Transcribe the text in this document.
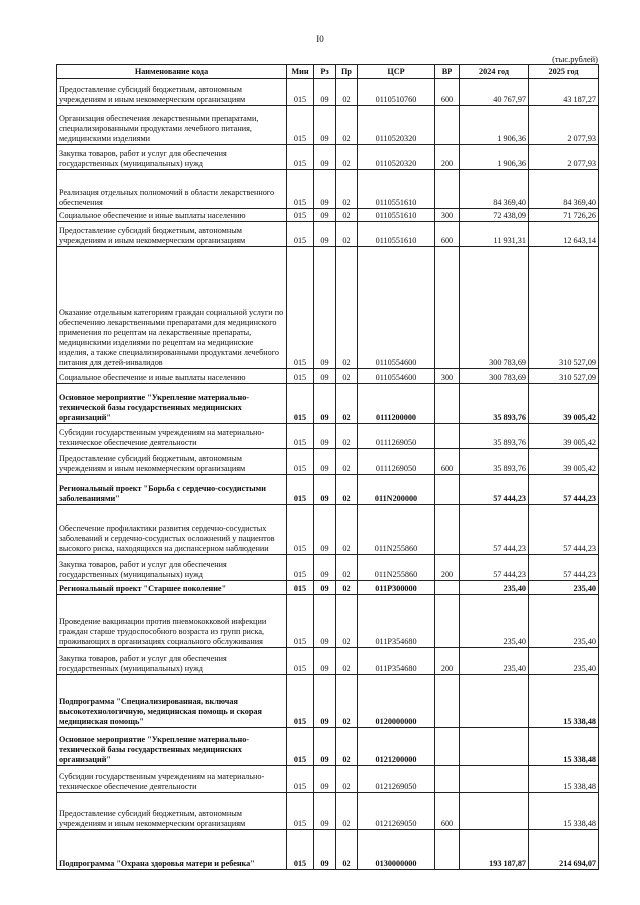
I0
(тыс.рублей)
Наименование кода	Мин	Рз	Пр	ЦСР	ВР	2024 год	2025 год
Предоставление субсидий бюджетным, автономным учреждениям и иным некоммерческим организациям	015	09	02	0110510760	600	40 767,97	43 187,27
Организация обеспечения лекарственными препаратами, специализированными продуктами лечебного питания, медицинскими изделиями	015	09	02	0110520320		1 906,36	2 077,93
Закупка товаров, работ и услуг для обеспечения государственных (муниципальных) нужд	015	09	02	0110520320	200	1 906,36	2 077,93
Реализация отдельных полномочий в области лекарственного обеспечения	015	09	02	0110551610		84 369,40	84 369,40
Социальное обеспечение и иные выплаты населению	015	09	02	0110551610	300	72 438,09	71 726,26
Предоставление субсидий бюджетным, автономным учреждениям и иным некоммерческим организациям	015	09	02	0110551610	600	11 931,31	12 643,14
Оказание отдельным категориям граждан социальной услуги по обеспечению лекарственными препаратами для медицинского применения по рецептам на лекарственные препараты, медицинскими изделиями по рецептам на медицинские изделия, а также специализированными продуктами лечебного питания для детей-инвалидов	015	09	02	0110554600		300 783,69	310 527,09
Социальное обеспечение и иные выплаты населению	015	09	02	0110554600	300	300 783,69	310 527,09
Основное мероприятие "Укрепление материально-технической базы государственных медицинских организаций"	015	09	02	0111200000		35 893,76	39 005,42
Субсидии государственным учреждениям на материально-техническое обеспечение деятельности	015	09	02	0111269050		35 893,76	39 005,42
Предоставление субсидий бюджетным, автономным учреждениям и иным некоммерческим организациям	015	09	02	0111269050	600	35 893,76	39 005,42
Региональный проект "Борьба с сердечно-сосудистыми заболеваниями"	015	09	02	011N200000		57 444,23	57 444,23
Обеспечение профилактики развития сердечно-сосудистых заболеваний и сердечно-сосудистых осложнений у пациентов высокого риска, находящихся на диспансерном наблюдении	015	09	02	011N255860		57 444,23	57 444,23
Закупка товаров, работ и услуг для обеспечения государственных (муниципальных) нужд	015	09	02	011N255860	200	57 444,23	57 444,23
Региональный проект "Старшее поколение"	015	09	02	011P300000		235,40	235,40
Проведение вакцинации против пневмококковой инфекции граждан старше трудоспособного возраста из групп риска, проживающих в организациях социального обслуживания	015	09	02	011P354680		235,40	235,40
Закупка товаров, работ и услуг для обеспечения государственных (муниципальных) нужд	015	09	02	011P354680	200	235,40	235,40
Подпрограмма "Специализированная, включая высокотехнологичную, медицинская помощь и скорая медицинская помощь"	015	09	02	0120000000			15 338,48
Основное мероприятие "Укрепление материально-технической базы государственных медицинских организаций"	015	09	02	0121200000			15 338,48
Субсидии государственным учреждениям на материально-техническое обеспечение деятельности	015	09	02	0121269050			15 338,48
Предоставление субсидий бюджетным, автономным учреждениям и иным некоммерческим организациям	015	09	02	0121269050	600		15 338,48
Подпрограмма "Охрана здоровья матери и ребенка"	015	09	02	0130000000		193 187,87	214 694,07
